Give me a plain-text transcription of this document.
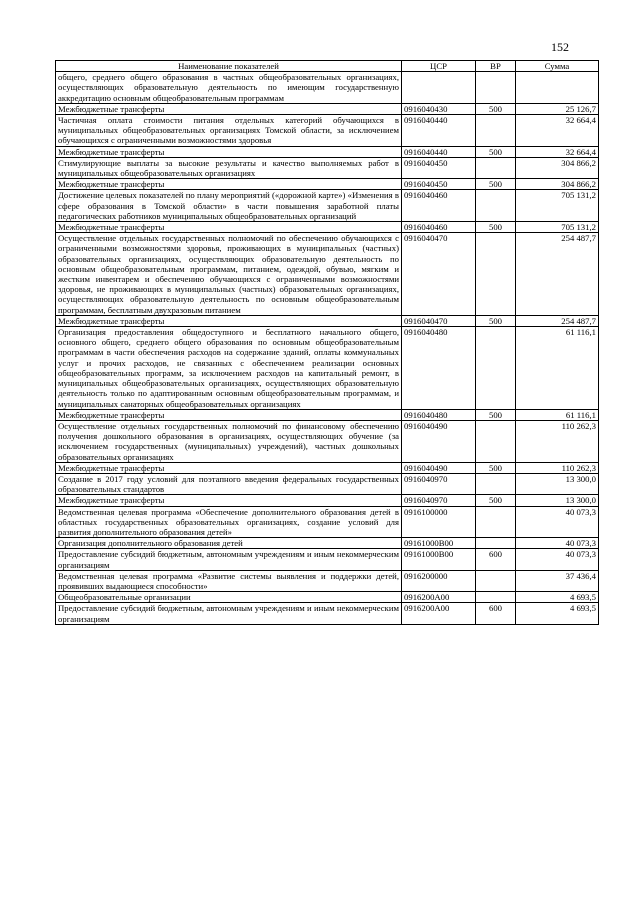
152
Наименование показателей	ЦСР	ВР	Сумма
общего, среднего общего образования в частных общеобразовательных организациях, осуществляющих образовательную деятельность по имеющим государственную аккредитацию основным общеобразовательным программам			
Межбюджетные трансферты	0916040430	500	25 126,7
Частичная оплата стоимости питания отдельных категорий обучающихся в муниципальных общеобразовательных организациях Томской области, за исключением обучающихся с ограниченными возможностями здоровья	0916040440		32 664,4
Межбюджетные трансферты	0916040440	500	32 664,4
Стимулирующие выплаты за высокие результаты и качество выполняемых работ в муниципальных общеобразовательных организациях	0916040450		304 866,2
Межбюджетные трансферты	0916040450	500	304 866,2
Достижение целевых показателей по плану мероприятий («дорожной карте») «Изменения в сфере образования в Томской области» в части повышения заработной платы педагогических работников муниципальных общеобразовательных организаций	0916040460		705 131,2
Межбюджетные трансферты	0916040460	500	705 131,2
Осуществление отдельных государственных полномочий по обеспечению обучающихся с ограниченными возможностями здоровья, проживающих в муниципальных (частных) образовательных организациях, осуществляющих образовательную деятельность по основным общеобразовательным программам, питанием, одеждой, обувью, мягким и жестким инвентарем и обеспечению обучающихся с ограниченными возможностями здоровья, не проживающих в муниципальных (частных) образовательных организациях, осуществляющих образовательную деятельность по основным общеобразовательным программам, бесплатным двухразовым питанием	0916040470		254 487,7
Межбюджетные трансферты	0916040470	500	254 487,7
Организация предоставления общедоступного и бесплатного начального общего, основного общего, среднего общего образования по основным общеобразовательным программам в части обеспечения расходов на содержание зданий, оплаты коммунальных услуг и прочих расходов, не связанных с обеспечением реализации основных общеобразовательных программ, за исключением расходов на капитальный ремонт, в муниципальных общеобразовательных организациях, осуществляющих образовательную деятельность только по адаптированным основным общеобразовательным программам, и муниципальных санаторных общеобразовательных организациях	0916040480		61 116,1
Межбюджетные трансферты	0916040480	500	61 116,1
Осуществление отдельных государственных полномочий по финансовому обеспечению получения дошкольного образования в организациях, осуществляющих обучение (за исключением государственных (муниципальных) учреждений), частных дошкольных образовательных организациях	0916040490		110 262,3
Межбюджетные трансферты	0916040490	500	110 262,3
Создание в 2017 году условий для поэтапного введения федеральных государственных образовательных стандартов	0916040970		13 300,0
Межбюджетные трансферты	0916040970	500	13 300,0
Ведомственная целевая программа «Обеспечение дополнительного образования детей в областных государственных образовательных организациях, создание условий для развития дополнительного образования детей»	0916100000		40 073,3
Организация дополнительного образования детей	09161000В00		40 073,3
Предоставление субсидий бюджетным, автономным учреждениям и иным некоммерческим организациям	09161000В00	600	40 073,3
Ведомственная целевая программа «Развитие системы выявления и поддержки детей, проявивших выдающиеся способности»	0916200000		37 436,4
Общеобразовательные организации	0916200А00		4 693,5
Предоставление субсидий бюджетным, автономным учреждениям и иным некоммерческим организациям	0916200А00	600	4 693,5
